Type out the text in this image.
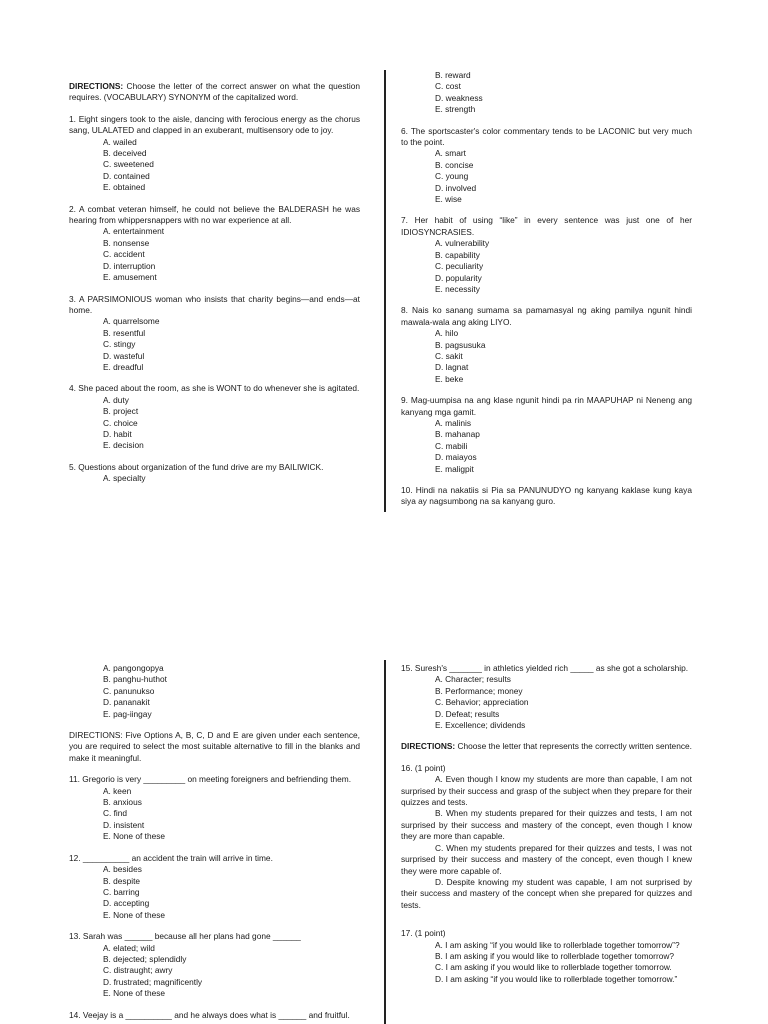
DIRECTIONS: Choose the letter of the correct answer on what the question requires. (VOCABULARY) SYNONYM of the capitalized word.

1. Eight singers took to the aisle, dancing with ferocious energy as the chorus sang, ULALATED and clapped in an exuberant, multisensory ode to joy.
A. wailed
B. deceived
C. sweetened
D. contained
E. obtained
2. A combat veteran himself, he could not believe the BALDERASH he was hearing from whippersnappers with no war experience at all.
A. entertainment
B. nonsense
C. accident
D. interruption
E. amusement
3. A PARSIMONIOUS woman who insists that charity begins—and ends—at home.
A. quarrelsome
B. resentful
C. stingy
D. wasteful
E. dreadful
4. She paced about the room, as she is WONT to do whenever she is agitated.
A. duty
B. project
C. choice
D. habit
E. decision
5. Questions about organization of the fund drive are my BAILIWICK.
A. specialty
B. reward
C. cost
D. weakness
E. strength
6. The sportscaster's color commentary tends to be LACONIC but very much to the point.
A. smart
B. concise
C. young
D. involved
E. wise
7. Her habit of using “like” in every sentence was just one of her IDIOSYNCRASIES.
A. vulnerability
B. capability
C. peculiarity
D. popularity
E. necessity
8. Nais ko sanang sumama sa pamamasyal ng aking pamilya ngunit hindi mawala-wala ang aking LIYO.
A. hilo
B. pagsusuka
C. sakit
D. lagnat
E. beke
9. Mag-uumpisa na ang klase ngunit hindi pa rin MAAPUHAP ni Neneng ang kanyang mga gamit.
A. malinis
B. mahanap
C. mabili
D. maiayos
E. maligpit
10. Hindi na nakatiis si Pia sa PANUNUDYO ng kanyang kaklase kung kaya siya ay nagsumbong na sa kanyang guro.
A. pangongopya
B. panghu-huthot
C. panunukso
D. pananakit
E. pag-iingay

DIRECTIONS: Five Options A, B, C, D and E are given under each sentence, you are required to select the most suitable alternative to fill in the blanks and make it meaningful.

11. Gregorio is very _________ on meeting foreigners and befriending them.
A. keen
B. anxious
C. find
D. insistent
E. None of these
12. __________ an accident the train will arrive in time.
A. besides
B. despite
C. barring
D. accepting
E. None of these
13. Sarah was ______ because all her plans had gone ______
A. elated; wild
B. dejected; splendidly
C. distraught; awry
D. frustrated; magnificently
E. None of these
14. Veejay is a __________ and he always does what is ______ and fruitful.
15. Suresh's _______ in athletics yielded rich _____ as she got a scholarship.
A. Character; results
B. Performance; money
C. Behavior; appreciation
D. Defeat; results
E. Excellence; dividends

DIRECTIONS: Choose the letter that represents the correctly written sentence.

16. (1 point)
A. Even though I know my students are more than capable, I am not surprised by their success and grasp of the subject when they prepare for their quizzes and tests.
B. When my students prepared for their quizzes and tests, I am not surprised by their success and mastery of the concept, even though I know they are more than capable.
C. When my students prepared for their quizzes and tests, I was not surprised by their success and mastery of the concept, even though I knew they were more capable of.
D. Despite knowing my student was capable, I am not surprised by their success and mastery of the concept when she prepared for quizzes and tests.
17. (1 point)
A. I am asking “if you would like to rollerblade together tomorrow”?
B. I am asking if you would like to rollerblade together tomorrow?
C. I am asking if you would like to rollerblade together tomorrow.
D. I am asking “if you would like to rollerblade together tomorrow.”
